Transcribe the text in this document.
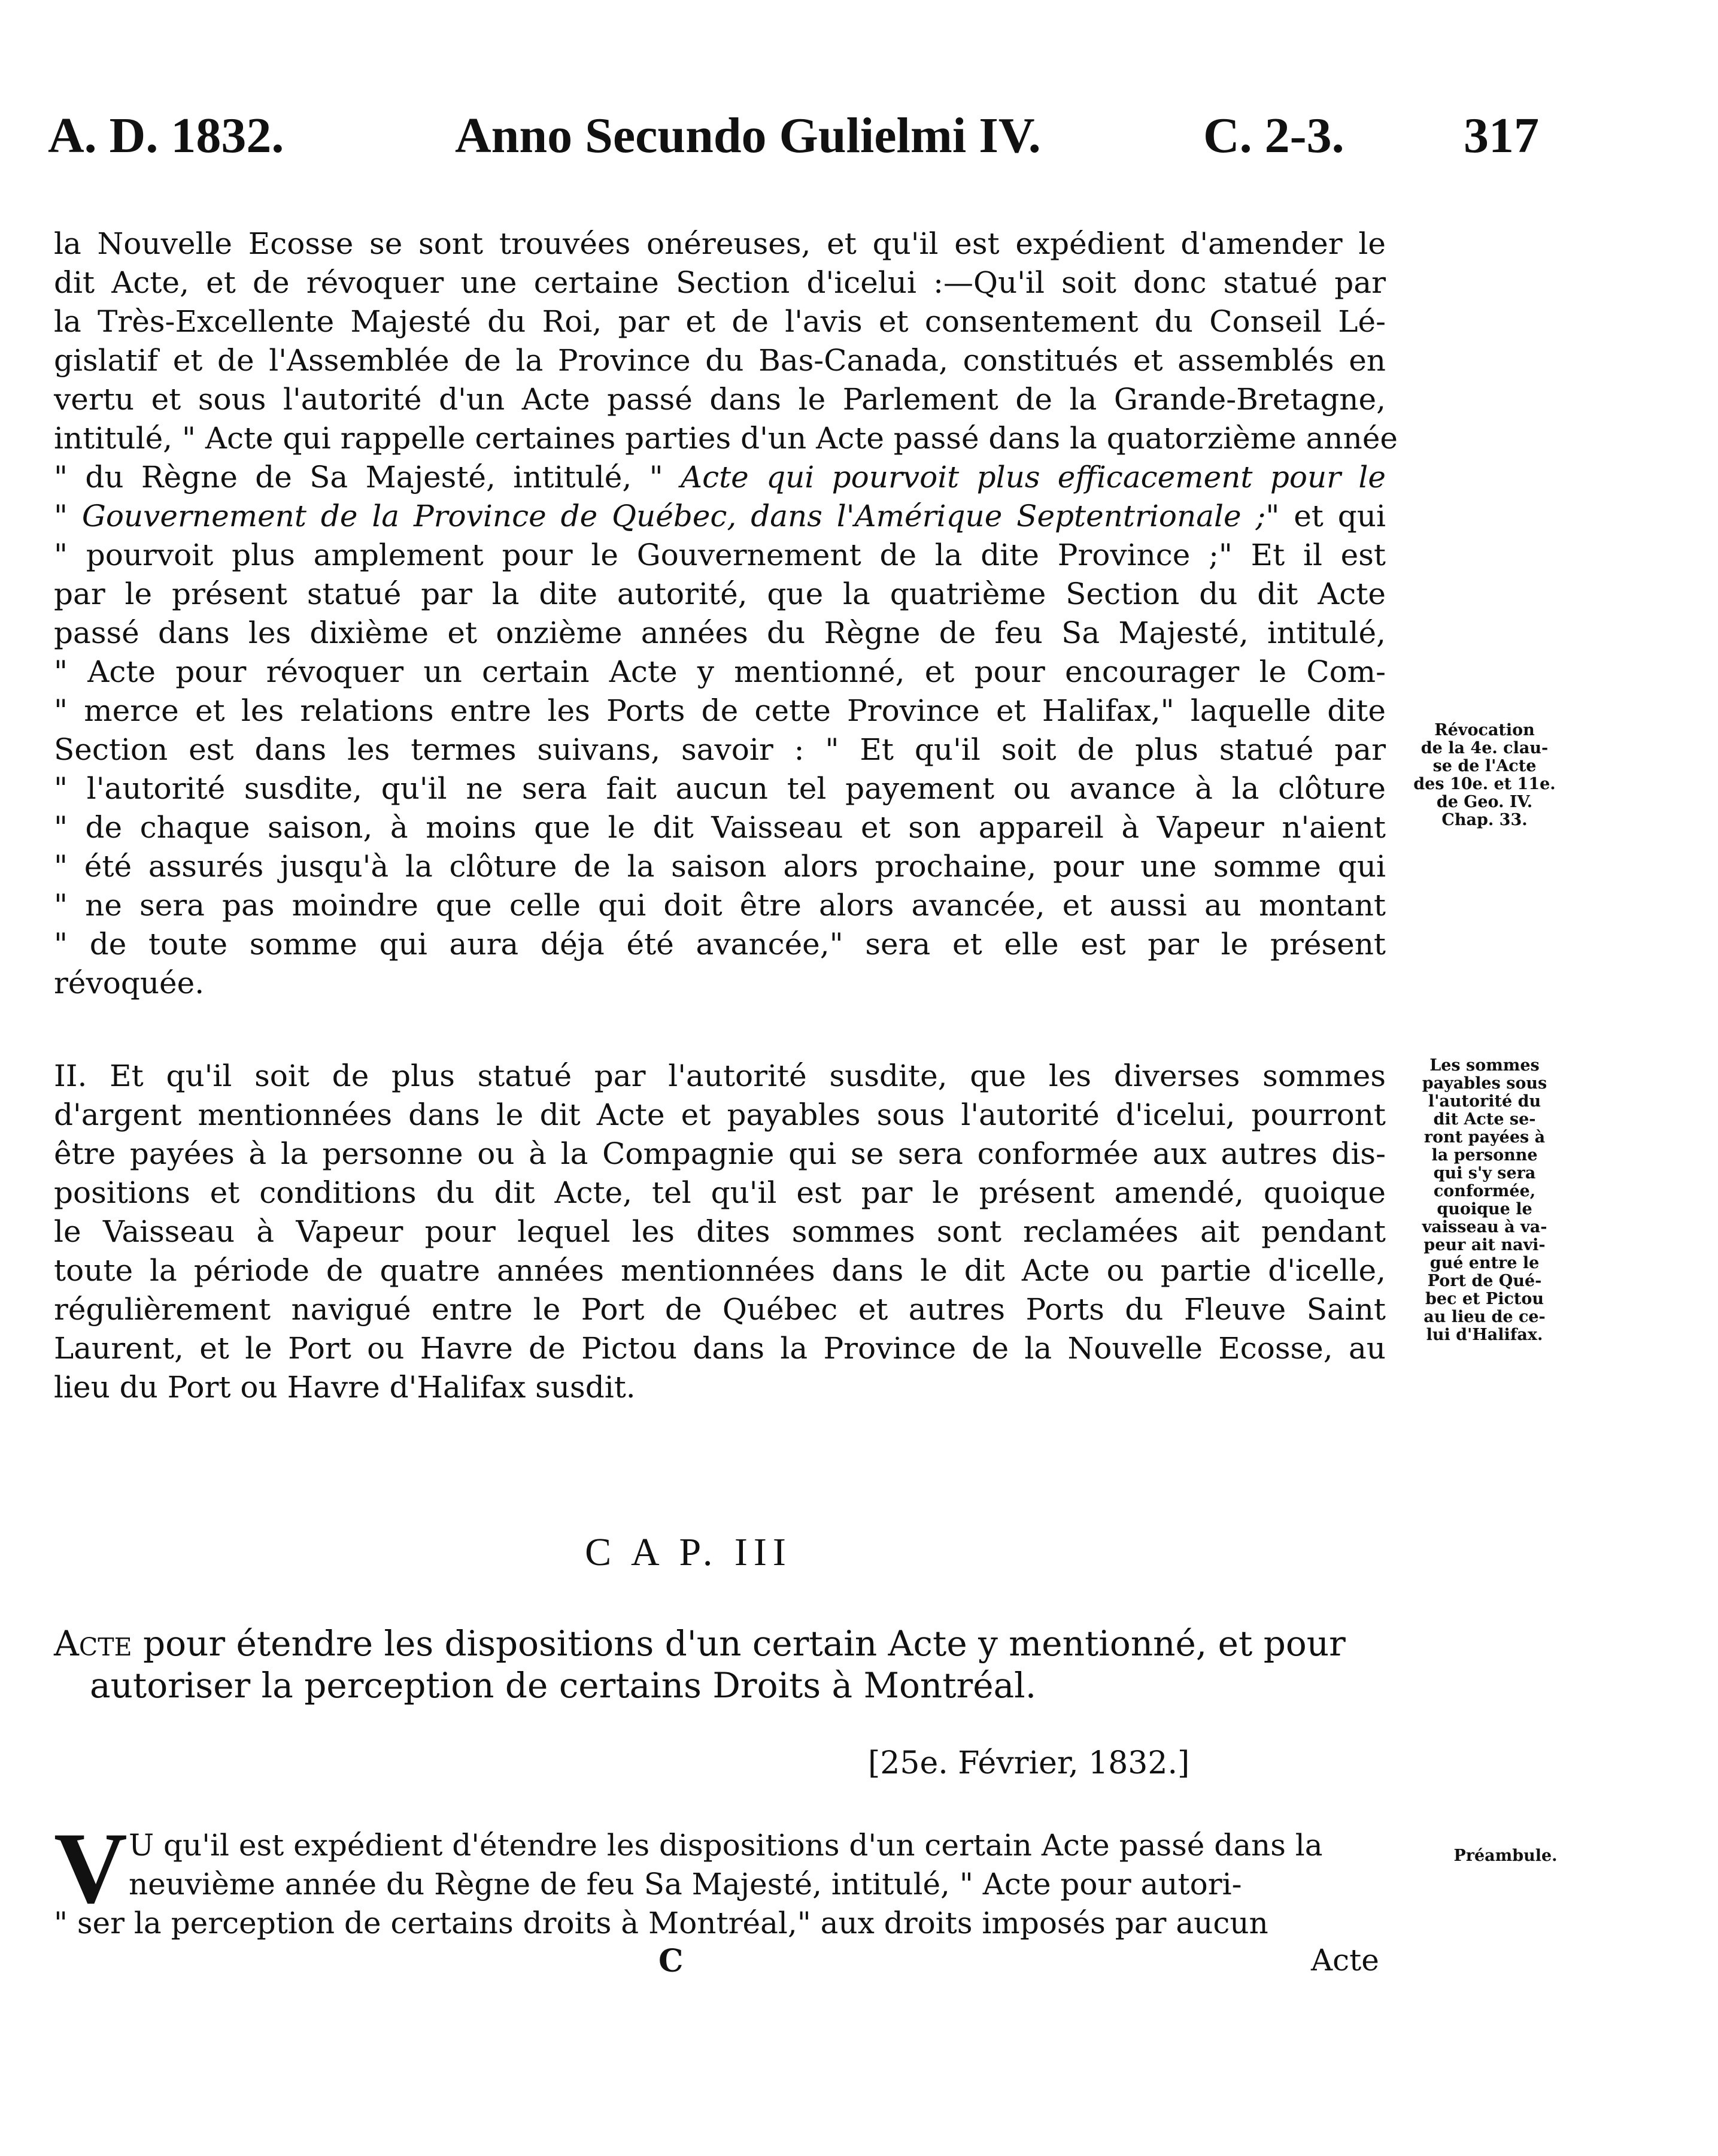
A. D. 1832.	Anno Secundo Gulielmi IV.	C. 2-3. 317
la Nouvelle Ecosse se sont trouvées onéreuses, et qu'il est expédient d'amender le
dit Acte, et de révoquer une certaine Section d'icelui :—Qu'il soit donc statué par
la Très-Excellente Majesté du Roi, par et de l'avis et consentement du Conseil Lé-
gislatif et de l'Assemblée de la Province du Bas-Canada, constitués et assemblés en
vertu et sous l'autorité d'un Acte passé dans le Parlement de la Grande-Bretagne,
intitulé, " Acte qui rappelle certaines parties d'un Acte passé dans la quatorzième année
" du Règne de Sa Majesté, intitulé, " Acte qui pourvoit plus efficacement pour le
" Gouvernement de la Province de Québec, dans l'Amérique Septentrionale ;" et qui
" pourvoit plus amplement pour le Gouvernement de la dite Province ;" Et il est
par le présent statué par la dite autorité, que la quatrième Section du dit Acte
passé dans les dixième et onzième années du Règne de feu Sa Majesté, intitulé,
" Acte pour révoquer un certain Acte y mentionné, et pour encourager le Com-
" merce et les relations entre les Ports de cette Province et Halifax," laquelle dite
Section est dans les termes suivans, savoir : " Et qu'il soit de plus statué par
" l'autorité susdite, qu'il ne sera fait aucun tel payement ou avance à la clôture
" de chaque saison, à moins que le dit Vaisseau et son appareil à Vapeur n'aient
" été assurés jusqu'à la clôture de la saison alors prochaine, pour une somme qui
" ne sera pas moindre que celle qui doit être alors avancée, et aussi au montant
" de toute somme qui aura déja été avancée," sera et elle est par le présent
révoquée.
Révocation
de la 4e. clau-
se de l'Acte
des 10e. et 11e.
de Geo. IV.
Chap. 33.
II. Et qu'il soit de plus statué par l'autorité susdite, que les diverses sommes
d'argent mentionnées dans le dit Acte et payables sous l'autorité d'icelui, pourront
être payées à la personne ou à la Compagnie qui se sera conformée aux autres dis-
positions et conditions du dit Acte, tel qu'il est par le présent amendé, quoique
le Vaisseau à Vapeur pour lequel les dites sommes sont reclamées ait pendant
toute la période de quatre années mentionnées dans le dit Acte ou partie d'icelle,
régulièrement navigué entre le Port de Québec et autres Ports du Fleuve Saint
Laurent, et le Port ou Havre de Pictou dans la Province de la Nouvelle Ecosse, au
lieu du Port ou Havre d'Halifax susdit.
Les sommes
payables sous
l'autorité du
dit Acte se-
ront payées à
la personne
qui s'y sera
conformée,
quoique le
vaisseau à va-
peur ait navi-
gué entre le
Port de Qué-
bec et Pictou
au lieu de ce-
lui d'Halifax.
C A P. III
Acte pour étendre les dispositions d'un certain Acte y mentionné, et pour
autoriser la perception de certains Droits à Montréal.
[25e. Février, 1832.]
V U qu'il est expédient d'étendre les dispositions d'un certain Acte passé dans la
neuvième année du Règne de feu Sa Majesté, intitulé, " Acte pour autori-
" ser la perception de certains droits à Montréal," aux droits imposés par aucun
Préambule.
C	Acte
